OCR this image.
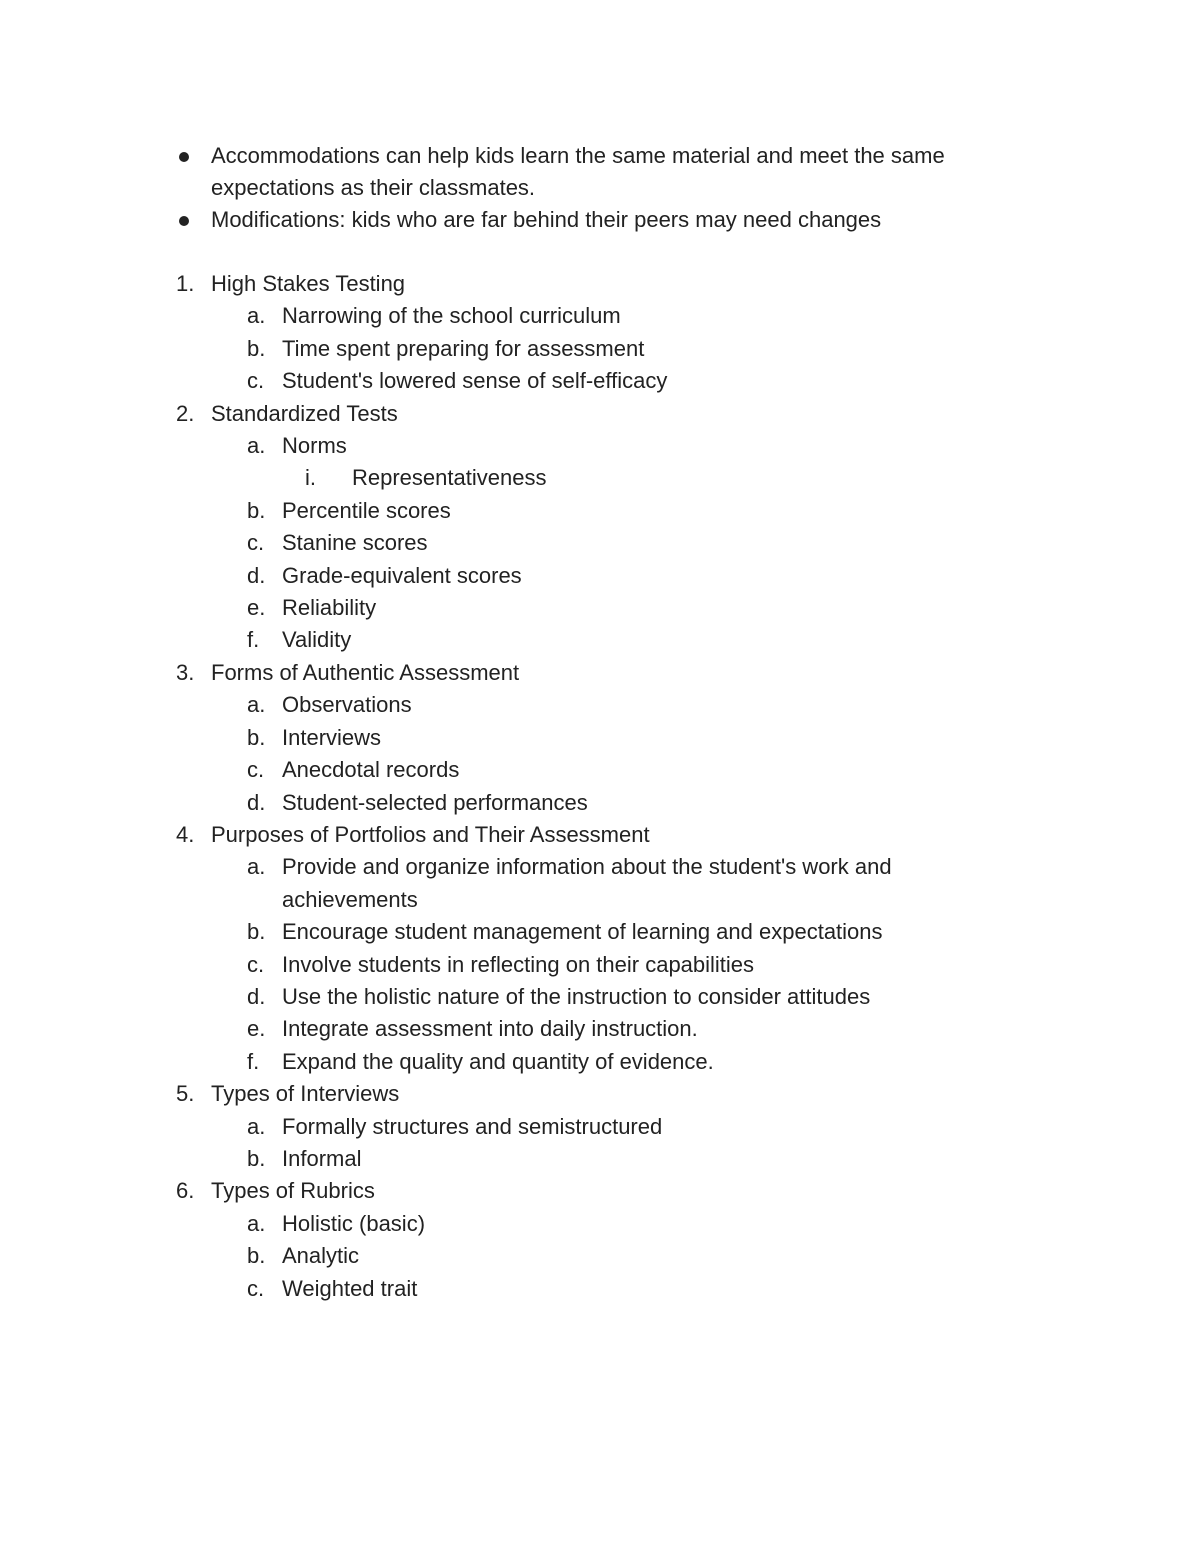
Accommodations can help kids learn the same material and meet the same expectations as their classmates.
Modifications: kids who are far behind their peers may need changes
1. High Stakes Testing
a. Narrowing of the school curriculum
b. Time spent preparing for assessment
c. Student's lowered sense of self-efficacy
2. Standardized Tests
a. Norms
i. Representativeness
b. Percentile scores
c. Stanine scores
d. Grade-equivalent scores
e. Reliability
f. Validity
3. Forms of Authentic Assessment
a. Observations
b. Interviews
c. Anecdotal records
d. Student-selected performances
4. Purposes of Portfolios and Their Assessment
a. Provide and organize information about the student's work and achievements
b. Encourage student management of learning and expectations
c. Involve students in reflecting on their capabilities
d. Use the holistic nature of the instruction to consider attitudes
e. Integrate assessment into daily instruction.
f. Expand the quality and quantity of evidence.
5. Types of Interviews
a. Formally structures and semistructured
b. Informal
6. Types of Rubrics
a. Holistic (basic)
b. Analytic
c. Weighted trait
